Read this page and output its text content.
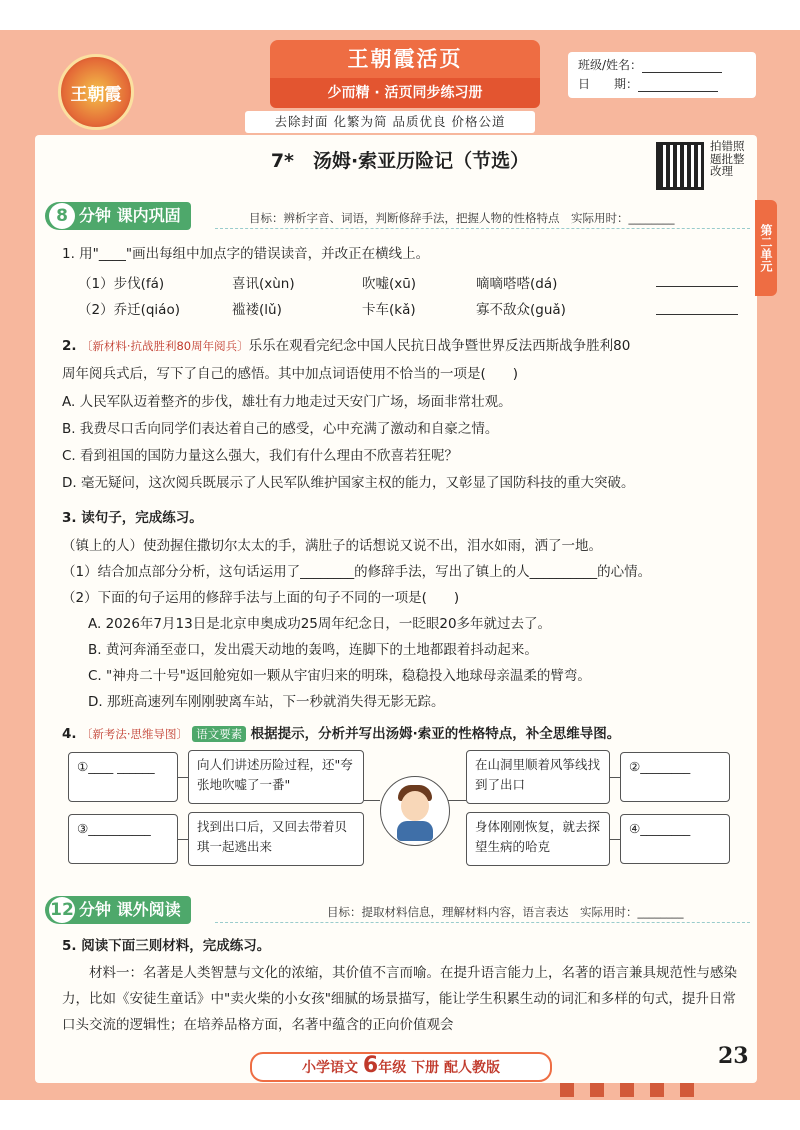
王朝霞
王朝霞活页
少而精 · 活页同步练习册
班级/姓名：
日　　期：
去除封面 化繁为简 品质优良 价格公道
7*　汤姆·索亚历险记（节选）
拍错照题批整改理
第二单元
8 分钟 课内巩固	目标：辨析字音、词语，判断修辞手法，把握人物的性格特点　实际用时：________
1. 用"____"画出每组中加点字的错误读音，并改正在横线上。
（1）步伐(fá)	喜讯(xùn)	吹嘘(xū)	嘀嘀嗒嗒(dá)
（2）乔迁(qiáo)	褴褛(lǔ)	卡车(kǎ)	寡不敌众(guǎ)
2. 〔新材料·抗战胜利80周年阅兵〕乐乐在观看完纪念中国人民抗日战争暨世界反法西斯战争胜利80
周年阅兵式后，写下了自己的感悟。其中加点词语使用不恰当的一项是(　　)
A. 人民军队迈着整齐的步伐，雄壮有力地走过天安门广场，场面非常壮观。
B. 我费尽口舌向同学们表达着自己的感受，心中充满了激动和自豪之情。
C. 看到祖国的国防力量这么强大，我们有什么理由不欣喜若狂呢？
D. 毫无疑问，这次阅兵既展示了人民军队维护国家主权的能力，又彰显了国防科技的重大突破。
3. 读句子，完成练习。
（镇上的人）使劲握住撒切尔太太的手，满肚子的话想说又说不出，泪水如雨，洒了一地。
（1）结合加点部分分析，这句话运用了________的修辞手法，写出了镇上的人__________的心情。
（2）下面的句子运用的修辞手法与上面的句子不同的一项是(　　)
A. 2026年7月13日是北京申奥成功25周年纪念日，一眨眼20多年就过去了。
B. 黄河奔涌至壶口，发出震天动地的轰鸣，连脚下的土地都跟着抖动起来。
C. "神舟二十号"返回舱宛如一颗从宇宙归来的明珠，稳稳投入地球母亲温柔的臂弯。
D. 那班高速列车刚刚驶离车站，下一秒就消失得无影无踪。
4. 〔新考法·思维导图〕 语文要素 根据提示，分析并写出汤姆·索亚的性格特点，补全思维导图。
①____ ______	向人们讲述历险过程，还"夸张地吹嘘了一番"
在山洞里顺着风筝线找到了出口
②________
③__________	找到出口后，又回去带着贝琪一起逃出来
身体刚刚恢复，就去探望生病的哈克
④________
12 分钟 课外阅读	目标：提取材料信息，理解材料内容，语言表达　实际用时：________
5. 阅读下面三则材料，完成练习。
材料一：名著是人类智慧与文化的浓缩，其价值不言而喻。在提升语言能力上，名著的语言兼具规范性与感染力，比如《安徒生童话》中"卖火柴的小女孩"细腻的场景描写，能让学生积累生动的词汇和多样的句式，提升日常口头交流的逻辑性；在培养品格方面，名著中蕴含的正向价值观会
小学语文 6年级 下册 配人教版	23
